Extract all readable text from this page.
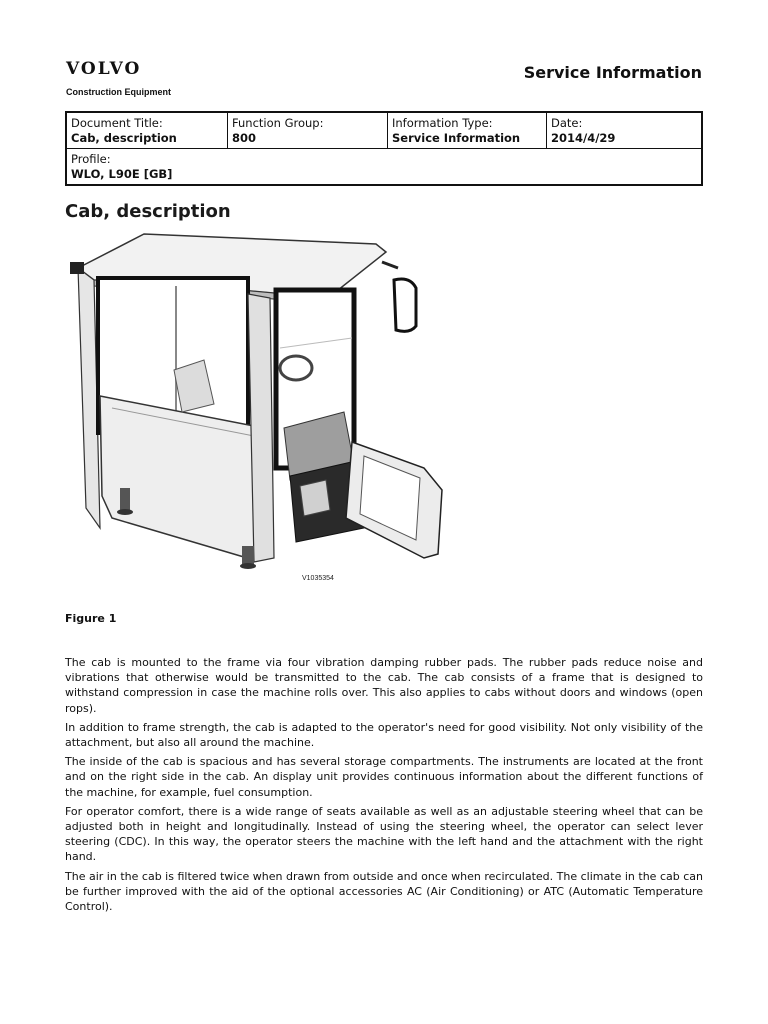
VOLVO
Construction Equipment
Service Information
Document Title:
Cab, description

Function Group:
800

Information Type:
Service Information

Date:
2014/4/29

Profile:
WLO, L90E [GB]
Cab, description
V1035354
Figure 1

The cab is mounted to the frame via four vibration damping rubber pads. The rubber pads reduce noise and vibrations that otherwise would be transmitted to the cab. The cab consists of a frame that is designed to withstand compression in case the machine rolls over. This also applies to cabs without doors and windows (open rops).

In addition to frame strength, the cab is adapted to the operator's need for good visibility. Not only visibility of the attachment, but also all around the machine.

The inside of the cab is spacious and has several storage compartments. The instruments are located at the front and on the right side in the cab. An display unit provides continuous information about the different functions of the machine, for example, fuel consumption.

For operator comfort, there is a wide range of seats available as well as an adjustable steering wheel that can be adjusted both in height and longitudinally. Instead of using the steering wheel, the operator can select lever steering (CDC). In this way, the operator steers the machine with the left hand and the attachment with the right hand.

The air in the cab is filtered twice when drawn from outside and once when recirculated. The climate in the cab can be further improved with the aid of the optional accessories AC (Air Conditioning) or ATC (Automatic Temperature Control).
